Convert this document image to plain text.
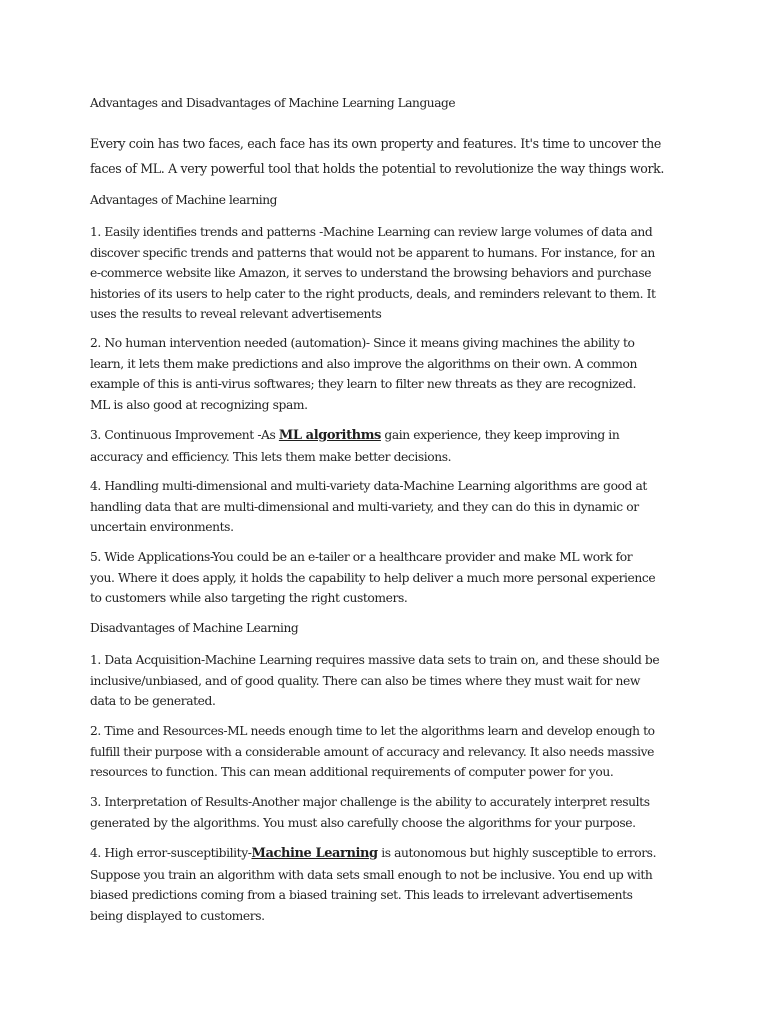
Advantages and Disadvantages of Machine Learning Language
Every coin has two faces, each face has its own property and features. It's time to uncover the
faces of ML. A very powerful tool that holds the potential to revolutionize the way things work.
Advantages of Machine learning
1. Easily identifies trends and patterns -Machine Learning can review large volumes of data and
discover specific trends and patterns that would not be apparent to humans. For instance, for an
e-commerce website like Amazon, it serves to understand the browsing behaviors and purchase
histories of its users to help cater to the right products, deals, and reminders relevant to them. It
uses the results to reveal relevant advertisements
2. No human intervention needed (automation)- Since it means giving machines the ability to
learn, it lets them make predictions and also improve the algorithms on their own. A common
example of this is anti-virus softwares; they learn to filter new threats as they are recognized.
ML is also good at recognizing spam.
3. Continuous Improvement -As ML algorithms gain experience, they keep improving in
accuracy and efficiency. This lets them make better decisions.
4. Handling multi-dimensional and multi-variety data-Machine Learning algorithms are good at
handling data that are multi-dimensional and multi-variety, and they can do this in dynamic or
uncertain environments.
5. Wide Applications-You could be an e-tailer or a healthcare provider and make ML work for
you. Where it does apply, it holds the capability to help deliver a much more personal experience
to customers while also targeting the right customers.
Disadvantages of Machine Learning
1. Data Acquisition-Machine Learning requires massive data sets to train on, and these should be
inclusive/unbiased, and of good quality. There can also be times where they must wait for new
data to be generated.
2. Time and Resources-ML needs enough time to let the algorithms learn and develop enough to
fulfill their purpose with a considerable amount of accuracy and relevancy. It also needs massive
resources to function. This can mean additional requirements of computer power for you.
3. Interpretation of Results-Another major challenge is the ability to accurately interpret results
generated by the algorithms. You must also carefully choose the algorithms for your purpose.
4. High error-susceptibility-Machine Learning is autonomous but highly susceptible to errors.
Suppose you train an algorithm with data sets small enough to not be inclusive. You end up with
biased predictions coming from a biased training set. This leads to irrelevant advertisements
being displayed to customers.
